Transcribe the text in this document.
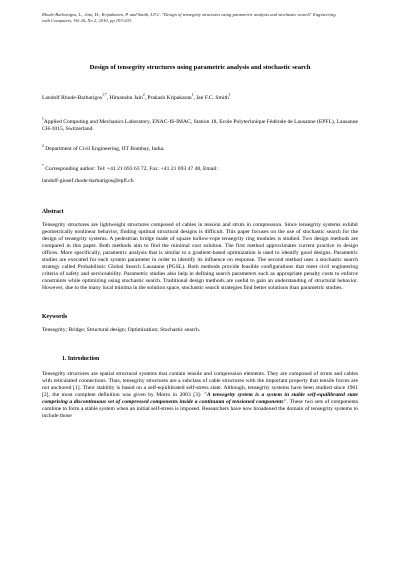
Rhode-Barbarigos, L., Jain, H., Kripakaran, P. and Smith, I.F.C. "Design of tensegrity structures using parametric analysis and stochastic search" Engineering with Computers, Vol 26, No 2, 2010, pp 193-203.
Design of tensegrity structures using parametric analysis and stochastic search
Landolf Rhode-Barbarigos$^{1,*}$, Himanshu Jain$^2$, Prakash Kripakaran$^1$, Ian F.C. Smith$^1$
$^1$Applied Computing and Mechanics Laboratory, ENAC-IS-IMAC, Station 18, Ecole Polytechnique Fédérale de Lausanne (EPFL), Lausanne CH-1015, Switzerland.
$^2$ Department of Civil Engineering, IIT Bombay, India.
* Corresponding author: Tel: +41 21 693 63 72, Fax: +41 21 693 47 48, Email:
landolf-giosef.rhode-barbarigos@epfl.ch
Abstract
Tensegrity structures are lightweight structures composed of cables in tension and struts in compression. Since tensegrity systems exhibit geometrically nonlinear behavior, finding optimal structural designs is difficult. This paper focuses on the use of stochastic search for the design of tensegrity systems. A pedestrian bridge made of square hollow-rope tensegrity ring modules is studied. Two design methods are compared in this paper. Both methods aim to find the minimal cost solution. The first method approximates current practice in design offices. More specifically, parametric analysis that is similar to a gradient-based optimization is used to identify good designs. Parametric studies are executed for each system parameter in order to identify its influence on response. The second method uses a stochastic search strategy called Probabilistic Global Search Lausanne (PGSL). Both methods provide feasible configurations that meet civil engineering criteria of safety and serviceability. Parametric studies also help in defining search parameters such as appropriate penalty costs to enforce constraints while optimizing using stochastic search. Traditional design methods are useful to gain an understanding of structural behavior. However, due to the many local minima in the solution space, stochastic search strategies find better solutions than parametric studies.
Keywords
Tensegrity; Bridge; Structural design; Optimization; Stochastic search.
1. Introduction
Tensegrity structures are spatial structural systems that contain tensile and compression elements. They are composed of struts and cables with reticulated connections. Thus, tensegrity structures are a subclass of cable structures with the important property that tensile forces are not anchored [1]. Their stability is based on a self-equilibrated self-stress state. Although, tensegrity systems have been studied since 1961 [2], the most complete definition was given by Motro in 2003 [3]: "A tensegrity system is a system in stable self-equilibrated state comprising a discontinuous set of compressed components inside a continuum of tensioned components". These two sets of components combine to form a stable system when an initial self-stress is imposed. Researchers have now broadened the domain of tensegrity systems to include those
